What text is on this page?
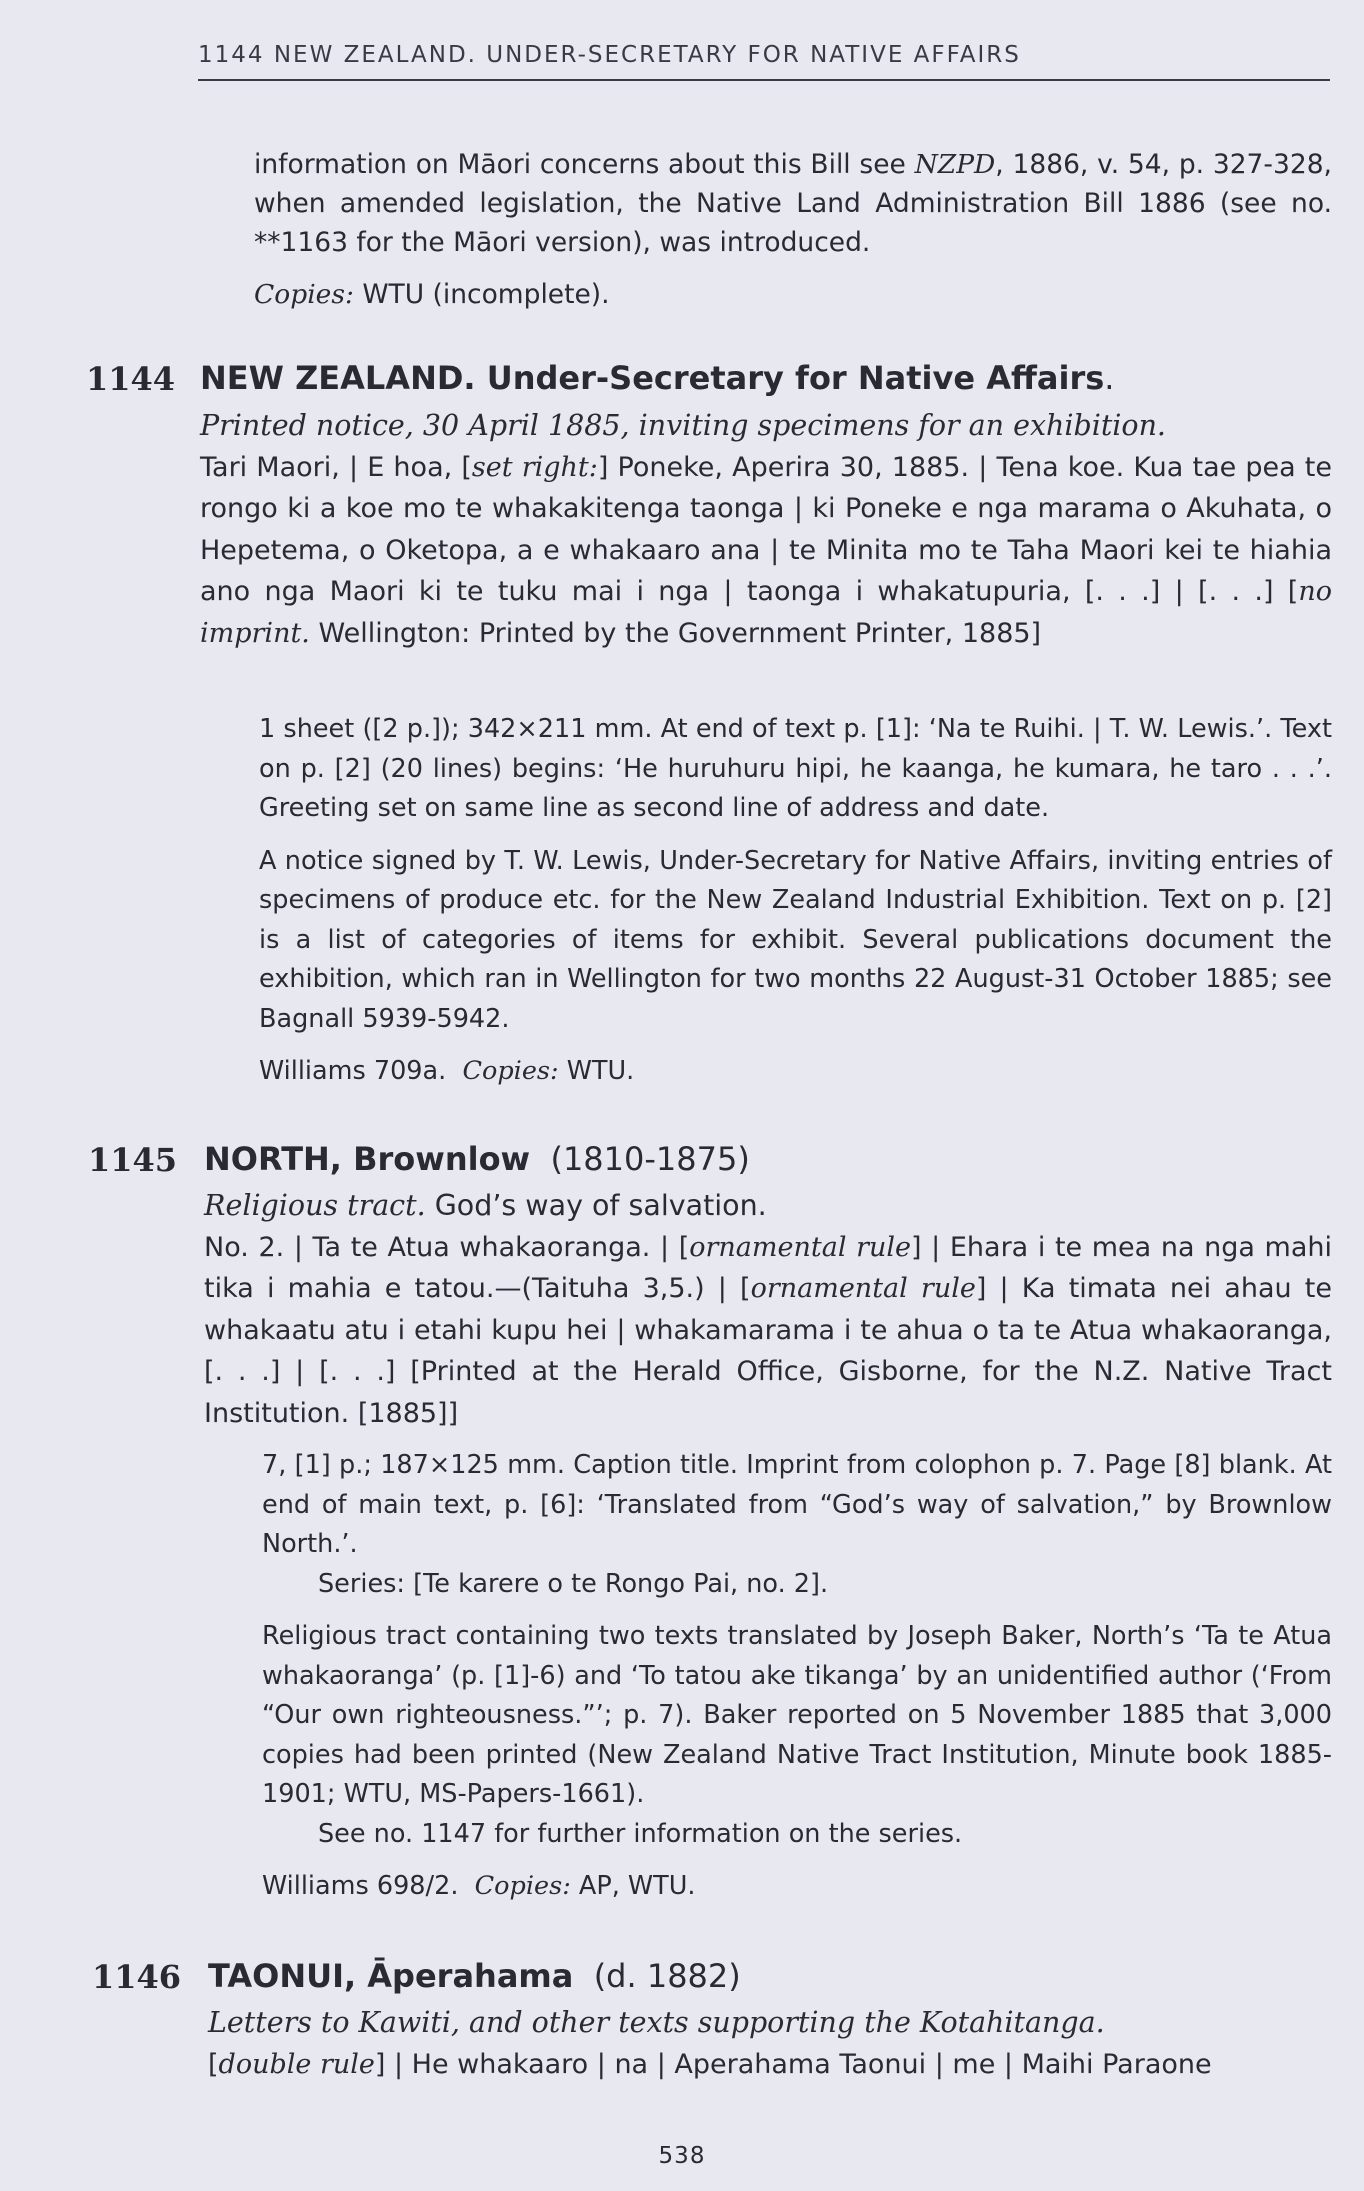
1144 NEW ZEALAND. UNDER-SECRETARY FOR NATIVE AFFAIRS

information on Māori concerns about this Bill see NZPD, 1886, v. 54, p. 327-328, when amended legislation, the Native Land Administration Bill 1886 (see no. **1163 for the Māori version), was introduced.

Copies: WTU (incomplete).

1144 NEW ZEALAND. Under-Secretary for Native Affairs.

Printed notice, 30 April 1885, inviting specimens for an exhibition.

Tari Maori, | E hoa, [set right:] Poneke, Aperira 30, 1885. | Tena koe. Kua tae pea te rongo ki a koe mo te whakakitenga taonga | ki Poneke e nga marama o Akuhata, o Hepetema, o Oketopa, a e whakaaro ana | te Minita mo te Taha Maori kei te hiahia ano nga Maori ki te tuku mai i nga | taonga i whakatupuria, [. . .] | [. . .] [no imprint. Wellington: Printed by the Government Printer, 1885]

1 sheet ([2 p.]); 342×211 mm. At end of text p. [1]: ‘Na te Ruihi. | T. W. Lewis.’. Text on p. [2] (20 lines) begins: ‘He huruhuru hipi, he kaanga, he kumara, he taro . . .’. Greeting set on same line as second line of address and date.

A notice signed by T. W. Lewis, Under-Secretary for Native Affairs, inviting entries of specimens of produce etc. for the New Zealand Industrial Exhibition. Text on p. [2] is a list of categories of items for exhibit. Several publications document the exhibition, which ran in Wellington for two months 22 August-31 October 1885; see Bagnall 5939-5942.

Williams 709a. Copies: WTU.

1145 NORTH, Brownlow (1810-1875)

Religious tract. God’s way of salvation.

No. 2. | Ta te Atua whakaoranga. | [ornamental rule] | Ehara i te mea na nga mahi tika i mahia e tatou.—(Taituha 3,5.) | [ornamental rule] | Ka timata nei ahau te whakaatu atu i etahi kupu hei | whakamarama i te ahua o ta te Atua whakaoranga, [. . .] | [. . .] [Printed at the Herald Office, Gisborne, for the N.Z. Native Tract Institution. [1885]]

7, [1] p.; 187×125 mm. Caption title. Imprint from colophon p. 7. Page [8] blank. At end of main text, p. [6]: ‘Translated from “God’s way of salvation,” by Brownlow North.’.

Series: [Te karere o te Rongo Pai, no. 2].

Religious tract containing two texts translated by Joseph Baker, North’s ‘Ta te Atua whakaoranga’ (p. [1]-6) and ‘To tatou ake tikanga’ by an unidentified author (‘From “Our own righteousness.”’; p. 7). Baker reported on 5 November 1885 that 3,000 copies had been printed (New Zealand Native Tract Institution, Minute book 1885-1901; WTU, MS-Papers-1661).

See no. 1147 for further information on the series.

Williams 698/2. Copies: AP, WTU.

1146 TAONUI, Āperahama (d. 1882)

Letters to Kawiti, and other texts supporting the Kotahitanga.

[double rule] | He whakaaro | na | Aperahama Taonui | me | Maihi Paraone

538
